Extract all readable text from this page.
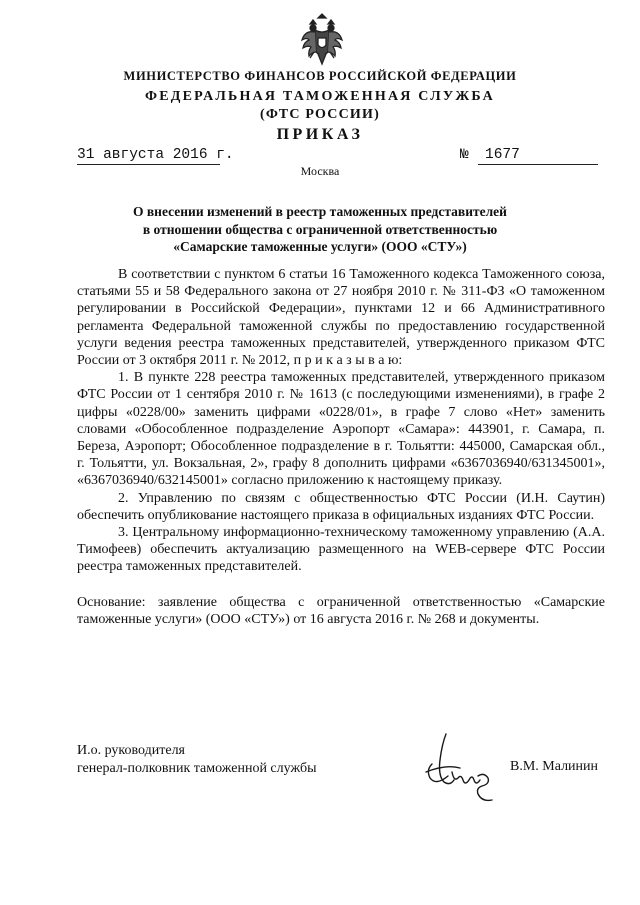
МИНИСТЕРСТВО ФИНАНСОВ РОССИЙСКОЙ ФЕДЕРАЦИИ
ФЕДЕРАЛЬНАЯ ТАМОЖЕННАЯ СЛУЖБА
(ФТС РОССИИ)
ПРИКАЗ
31 августа 2016 г.	№ 1677
Москва
О внесении изменений в реестр таможенных представителей
в отношении общества с ограниченной ответственностью
«Самарские таможенные услуги» (ООО «СТУ»)

В соответствии с пунктом 6 статьи 16 Таможенного кодекса Таможенного союза, статьями 55 и 58 Федерального закона от 27 ноября 2010 г. № 311-ФЗ «О таможенном регулировании в Российской Федерации», пунктами 12 и 66 Административного регламента Федеральной таможенной службы по предоставлению государственной услуги ведения реестра таможенных представителей, утвержденного приказом ФТС России от 3 октября 2011 г. № 2012, п р и к а з ы в а ю:

1. В пункте 228 реестра таможенных представителей, утвержденного приказом ФТС России от 1 сентября 2010 г. № 1613 (с последующими изменениями), в графе 2 цифры «0228/00» заменить цифрами «0228/01», в графе 7 слово «Нет» заменить словами «Обособленное подразделение Аэропорт «Самара»: 443901, г. Самара, п. Береза, Аэропорт; Обособленное подразделение в г. Тольятти: 445000, Самарская обл., г. Тольятти, ул. Вокзальная, 2», графу 8 дополнить цифрами «6367036940/631345001», «6367036940/632145001» согласно приложению к настоящему приказу.

2. Управлению по связям с общественностью ФТС России (И.Н. Саутин) обеспечить опубликование настоящего приказа в официальных изданиях ФТС России.

3. Центральному информационно-техническому таможенному управлению (А.А. Тимофеев) обеспечить актуализацию размещенного на WEB-сервере ФТС России реестра таможенных представителей.

Основание: заявление общества с ограниченной ответственностью «Самарские таможенные услуги» (ООО «СТУ») от 16 августа 2016 г. № 268 и документы.

И.о. руководителя
генерал-полковник таможенной службы	В.М. Малинин
